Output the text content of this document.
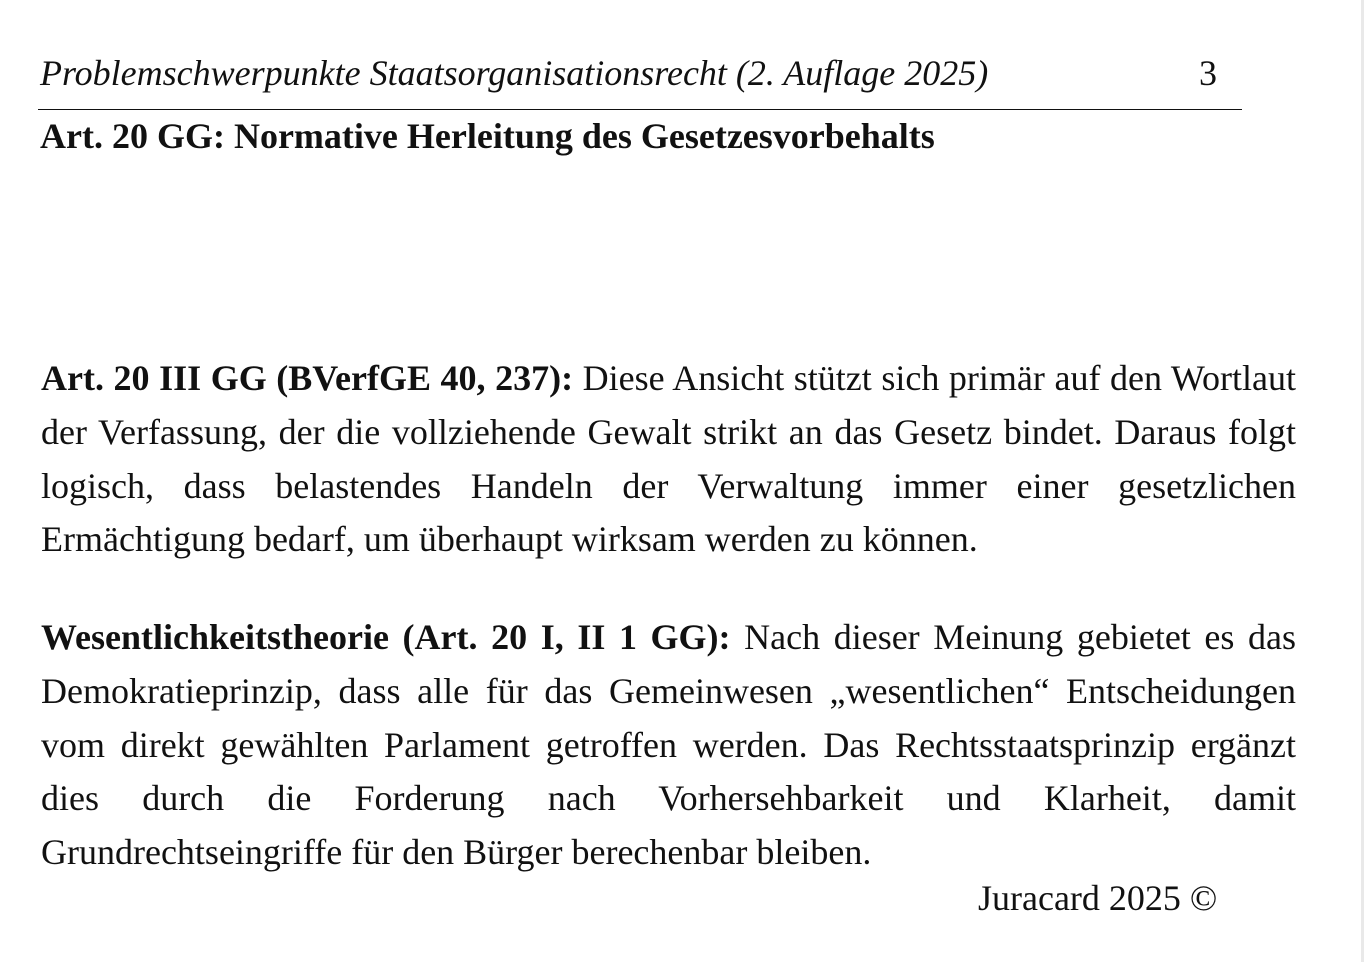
Problemschwerpunkte Staatsorganisationsrecht (2. Auflage 2025)	3
Art. 20 GG: Normative Herleitung des Gesetzesvorbehalts

Art. 20 III GG (BVerfGE 40, 237): Diese Ansicht stützt sich primär auf den Wortlaut der Verfassung, der die vollziehende Gewalt strikt an das Gesetz bindet. Daraus folgt logisch, dass belastendes Handeln der Verwaltung immer einer gesetzlichen Ermächtigung bedarf, um überhaupt wirksam werden zu können.

Wesentlichkeitstheorie (Art. 20 I, II 1 GG): Nach dieser Meinung gebietet es das Demokratieprinzip, dass alle für das Gemeinwesen „wesentlichen“ Entscheidungen vom direkt gewählten Parlament getroffen werden. Das Rechtsstaatsprinzip ergänzt dies durch die Forderung nach Vorhersehbarkeit und Klarheit, damit Grundrechtseingriffe für den Bürger berechenbar bleiben.

Juracard 2025 ©
